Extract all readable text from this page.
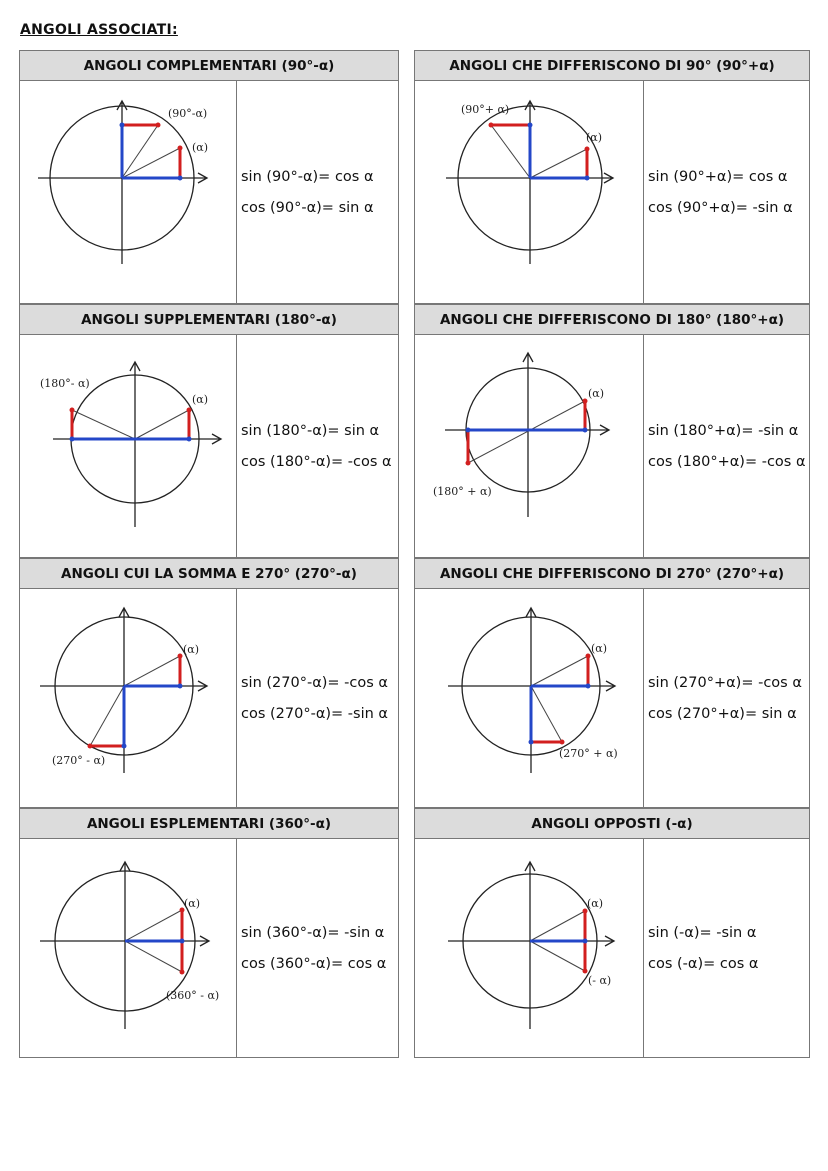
ANGOLI ASSOCIATI:
ANGOLI COMPLEMENTARI (90°-α)
(α)
(90°-α)
sin (90°-α)= cos α
cos (90°-α)= sin α
ANGOLI CHE DIFFERISCONO DI 90° (90°+α)
(α)
(90°+ α)
sin (90°+α)= cos α
cos (90°+α)= -sin α
ANGOLI SUPPLEMENTARI (180°-α)
(α)
(180°- α)
sin (180°-α)= sin α
cos (180°-α)= -cos α
ANGOLI CHE DIFFERISCONO DI 180° (180°+α)
(α)
(180° + α)
sin (180°+α)= -sin α
cos (180°+α)= -cos α
ANGOLI CUI LA SOMMA E 270° (270°-α)
(α)
(270° - α)
sin (270°-α)= -cos α
cos (270°-α)= -sin α
ANGOLI CHE DIFFERISCONO DI 270° (270°+α)
(α)
(270° + α)
sin (270°+α)= -cos α
cos (270°+α)= sin α
ANGOLI ESPLEMENTARI (360°-α)
(α)
(360° - α)
sin (360°-α)= -sin α
cos (360°-α)= cos α
ANGOLI OPPOSTI (-α)
(α)
(- α)
sin (-α)= -sin α
cos (-α)= cos α
